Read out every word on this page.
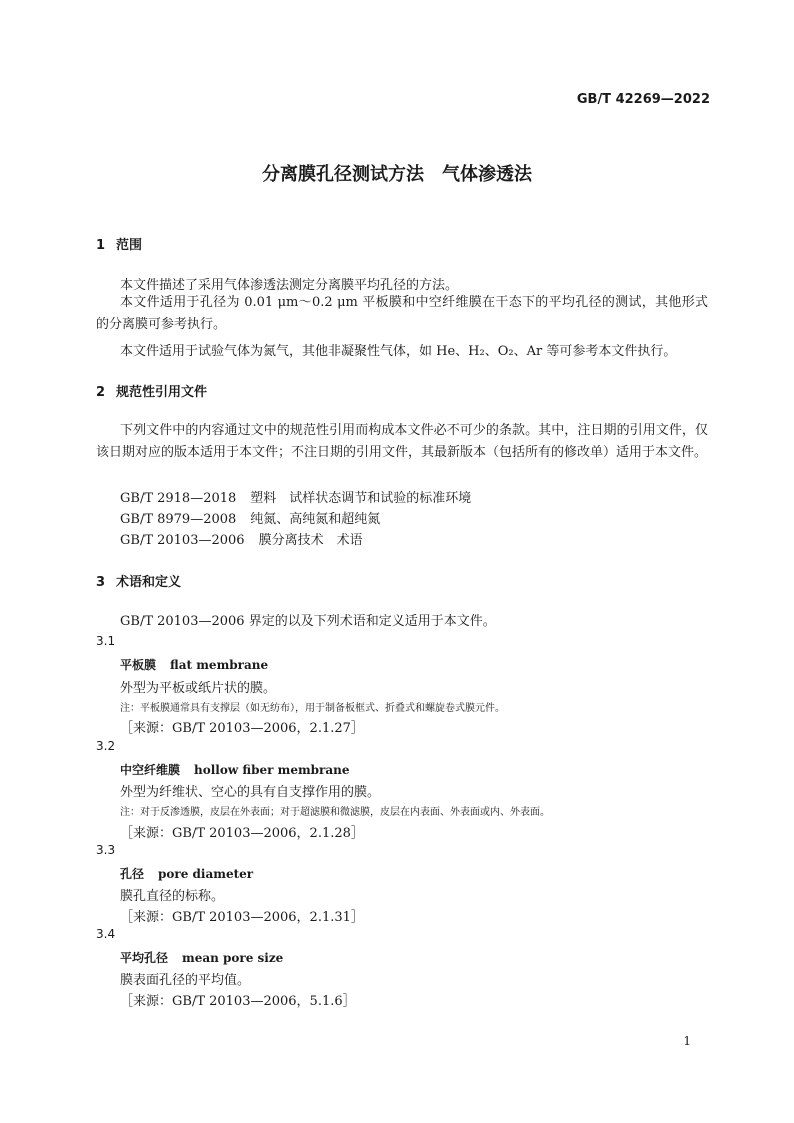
GB/T 42269—2022
分离膜孔径测试方法　气体渗透法
1 范围
本文件描述了采用气体渗透法测定分离膜平均孔径的方法。
本文件适用于孔径为 0.01 μm～0.2 μm 平板膜和中空纤维膜在干态下的平均孔径的测试，其他形式的分离膜可参考执行。
本文件适用于试验气体为氮气，其他非凝聚性气体，如 He、H₂、O₂、Ar 等可参考本文件执行。
2 规范性引用文件
下列文件中的内容通过文中的规范性引用而构成本文件必不可少的条款。其中，注日期的引用文件，仅该日期对应的版本适用于本文件；不注日期的引用文件，其最新版本（包括所有的修改单）适用于本文件。
GB/T 2918—2018 塑料　试样状态调节和试验的标准环境
GB/T 8979—2008 纯氮、高纯氮和超纯氮
GB/T 20103—2006 膜分离技术　术语
3 术语和定义
GB/T 20103—2006 界定的以及下列术语和定义适用于本文件。
3.1
平板膜 flat membrane
外型为平板或纸片状的膜。
注：平板膜通常具有支撑层（如无纺布），用于制备板框式、折叠式和螺旋卷式膜元件。
［来源：GB/T 20103—2006，2.1.27］
3.2
中空纤维膜 hollow fiber membrane
外型为纤维状、空心的具有自支撑作用的膜。
注：对于反渗透膜，皮层在外表面；对于超滤膜和微滤膜，皮层在内表面、外表面或内、外表面。
［来源：GB/T 20103—2006，2.1.28］
3.3
孔径 pore diameter
膜孔直径的标称。
［来源：GB/T 20103—2006，2.1.31］
3.4
平均孔径 mean pore size
膜表面孔径的平均值。
［来源：GB/T 20103—2006，5.1.6］
1
